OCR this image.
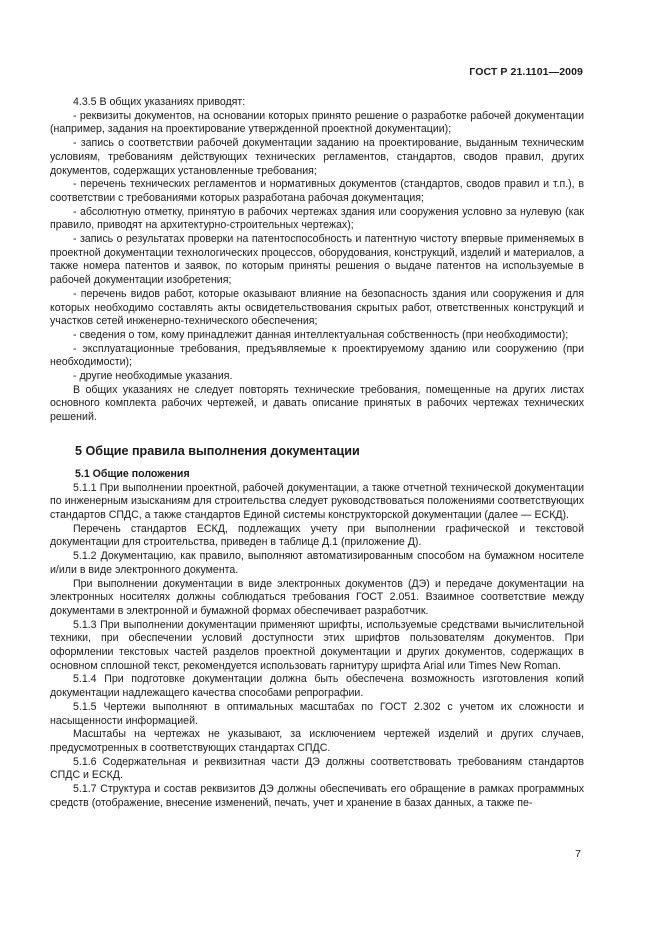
ГОСТ Р 21.1101—2009

4.3.5 В общих указаниях приводят:

- реквизиты документов, на основании которых принято решение о разработке рабочей документации (например, задания на проектирование утвержденной проектной документации);

- запись о соответствии рабочей документации заданию на проектирование, выданным техническим условиям, требованиям действующих технических регламентов, стандартов, сводов правил, других документов, содержащих установленные требования;

- перечень технических регламентов и нормативных документов (стандартов, сводов правил и т.п.), в соответствии с требованиями которых разработана рабочая документация;

- абсолютную отметку, принятую в рабочих чертежах здания или сооружения условно за нулевую (как правило, приводят на архитектурно-строительных чертежах);

- запись о результатах проверки на патентоспособность и патентную чистоту впервые применяемых в проектной документации технологических процессов, оборудования, конструкций, изделий и материалов, а также номера патентов и заявок, по которым приняты решения о выдаче патентов на используемые в рабочей документации изобретения;

- перечень видов работ, которые оказывают влияние на безопасность здания или сооружения и для которых необходимо составлять акты освидетельствования скрытых работ, ответственных конструкций и участков сетей инженерно-технического обеспечения;

- сведения о том, кому принадлежит данная интеллектуальная собственность (при необходимости);

- эксплуатационные требования, предъявляемые к проектируемому зданию или сооружению (при необходимости);

- другие необходимые указания.

В общих указаниях не следует повторять технические требования, помещенные на других листах основного комплекта рабочих чертежей, и давать описание принятых в рабочих чертежах технических решений.

5 Общие правила выполнения документации
5.1 Общие положения

5.1.1 При выполнении проектной, рабочей документации, а также отчетной технической документации по инженерным изысканиям для строительства следует руководствоваться положениями соответствующих стандартов СПДС, а также стандартов Единой системы конструкторской документации (далее — ЕСКД).

Перечень стандартов ЕСКД, подлежащих учету при выполнении графической и текстовой документации для строительства, приведен в таблице Д.1 (приложение Д).

5.1.2 Документацию, как правило, выполняют автоматизированным способом на бумажном носителе и/или в виде электронного документа.

При выполнении документации в виде электронных документов (ДЭ) и передаче документации на электронных носителях должны соблюдаться требования ГОСТ 2.051. Взаимное соответствие между документами в электронной и бумажной формах обеспечивает разработчик.

5.1.3 При выполнении документации применяют шрифты, используемые средствами вычислительной техники, при обеспечении условий доступности этих шрифтов пользователям документов. При оформлении текстовых частей разделов проектной документации и других документов, содержащих в основном сплошной текст, рекомендуется использовать гарнитуру шрифта Arial или Times New Roman.

5.1.4 При подготовке документации должна быть обеспечена возможность изготовления копий документации надлежащего качества способами репрографии.

5.1.5 Чертежи выполняют в оптимальных масштабах по ГОСТ 2.302 с учетом их сложности и насыщенности информацией.

Масштабы на чертежах не указывают, за исключением чертежей изделий и других случаев, предусмотренных в соответствующих стандартах СПДС.

5.1.6 Содержательная и реквизитная части ДЭ должны соответствовать требованиям стандартов СПДС и ЕСКД.

5.1.7 Структура и состав реквизитов ДЭ должны обеспечивать его обращение в рамках программных средств (отображение, внесение изменений, печать, учет и хранение в базах данных, а также пе-

7
